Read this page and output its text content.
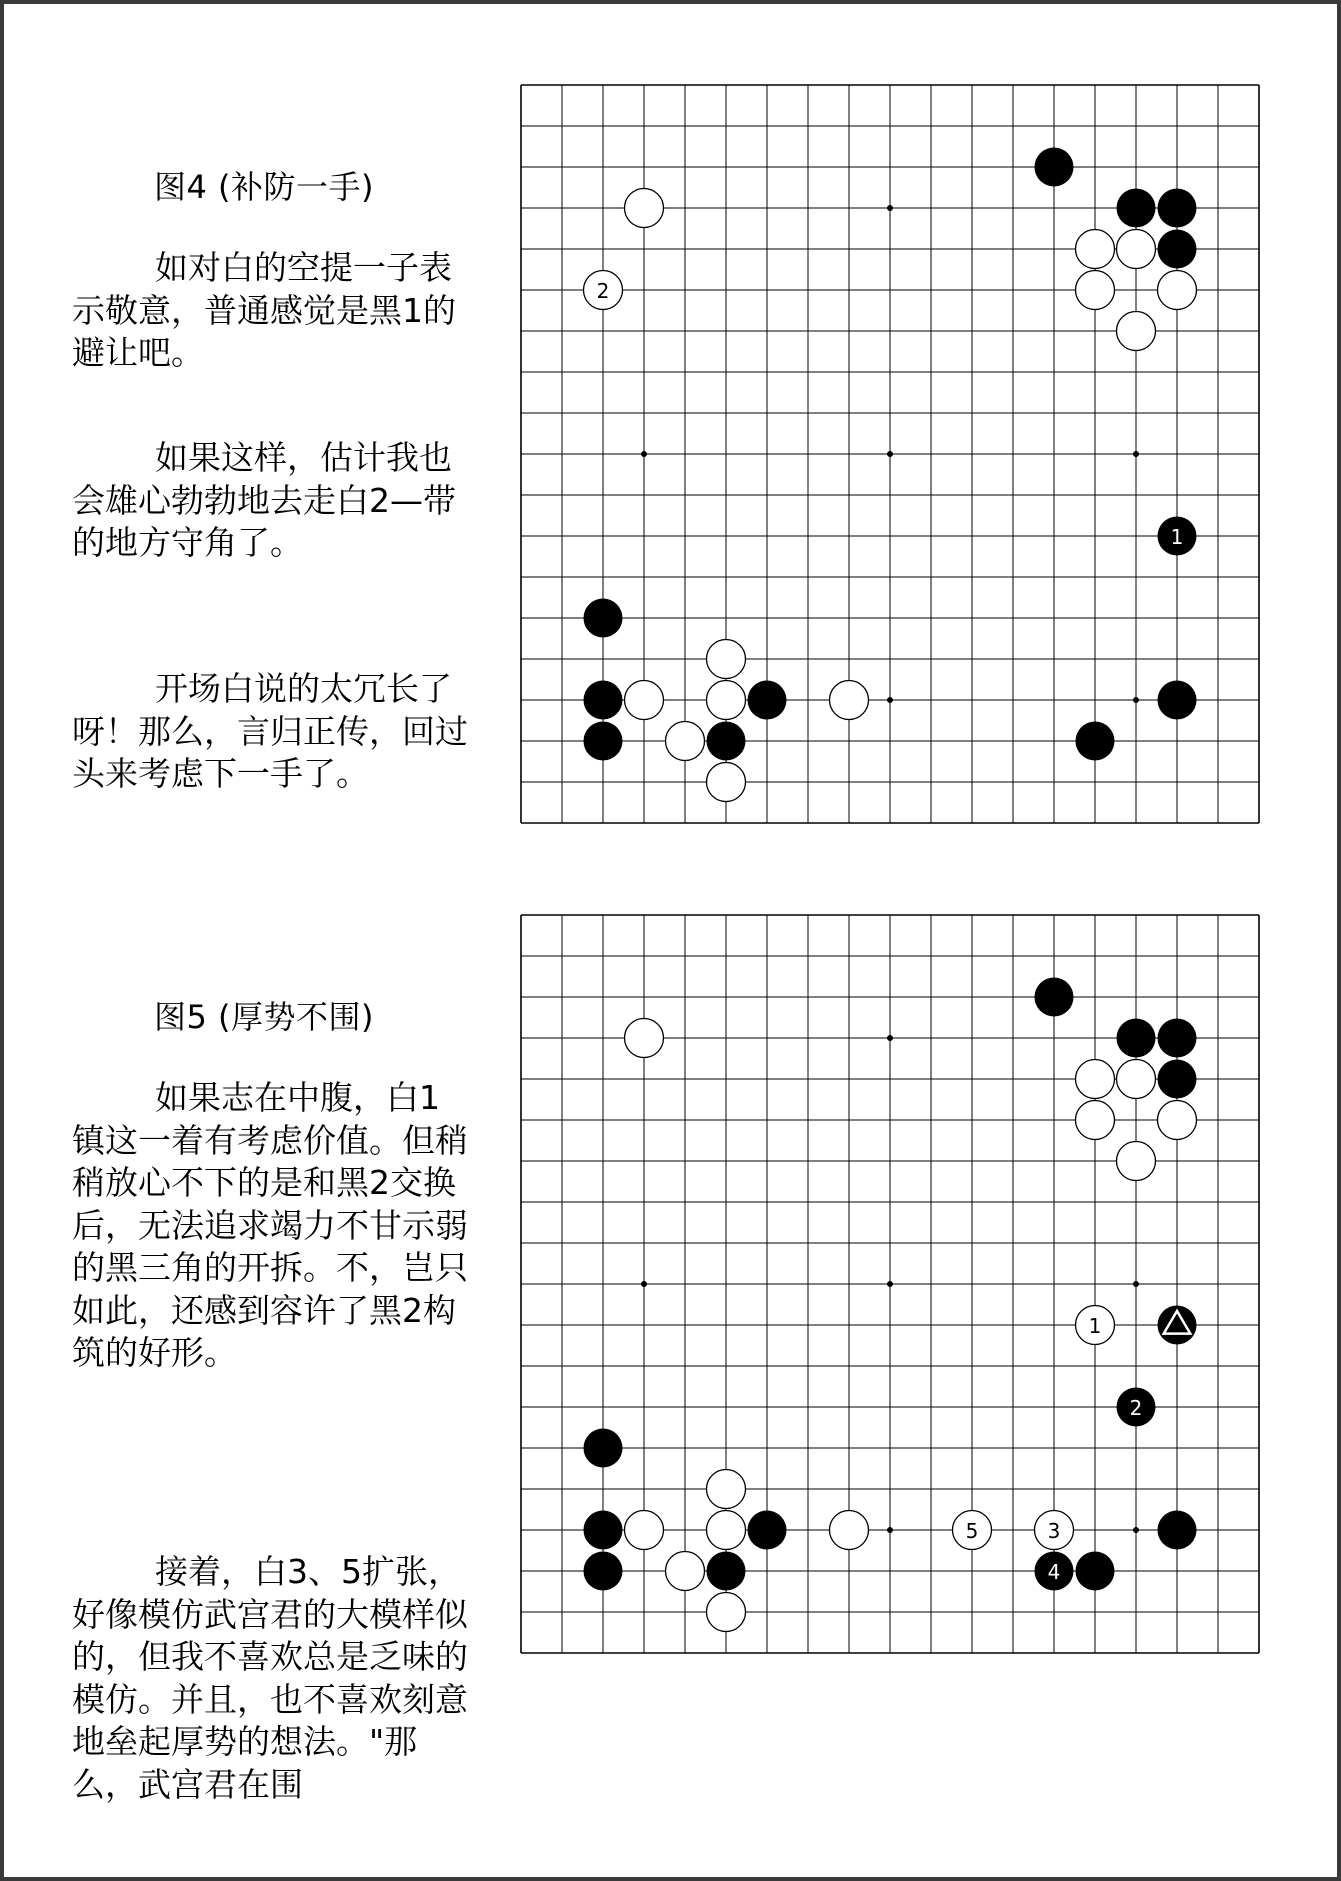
图4 (补防一手)

如对白的空提一子表示敬意，普通感觉是黑1的避让吧。

如果这样，估计我也会雄心勃勃地去走白2—带的地方守角了。

开场白说的太冗长了呀！那么，言归正传，回过头来考虑下一手了。

2
1
图5 (厚势不围)

如果志在中腹，白1镇这一着有考虑价值。但稍稍放心不下的是和黑2交换后，无法追求竭力不甘示弱的黑三角的开拆。不，岂只如此，还感到容许了黑2构筑的好形。

接着，白3、5扩张，好像模仿武宫君的大模样似的，但我不喜欢总是乏味的模仿。并且，也不喜欢刻意地垒起厚势的想法。"那么，武宫君在围

1
2
5	3
4
